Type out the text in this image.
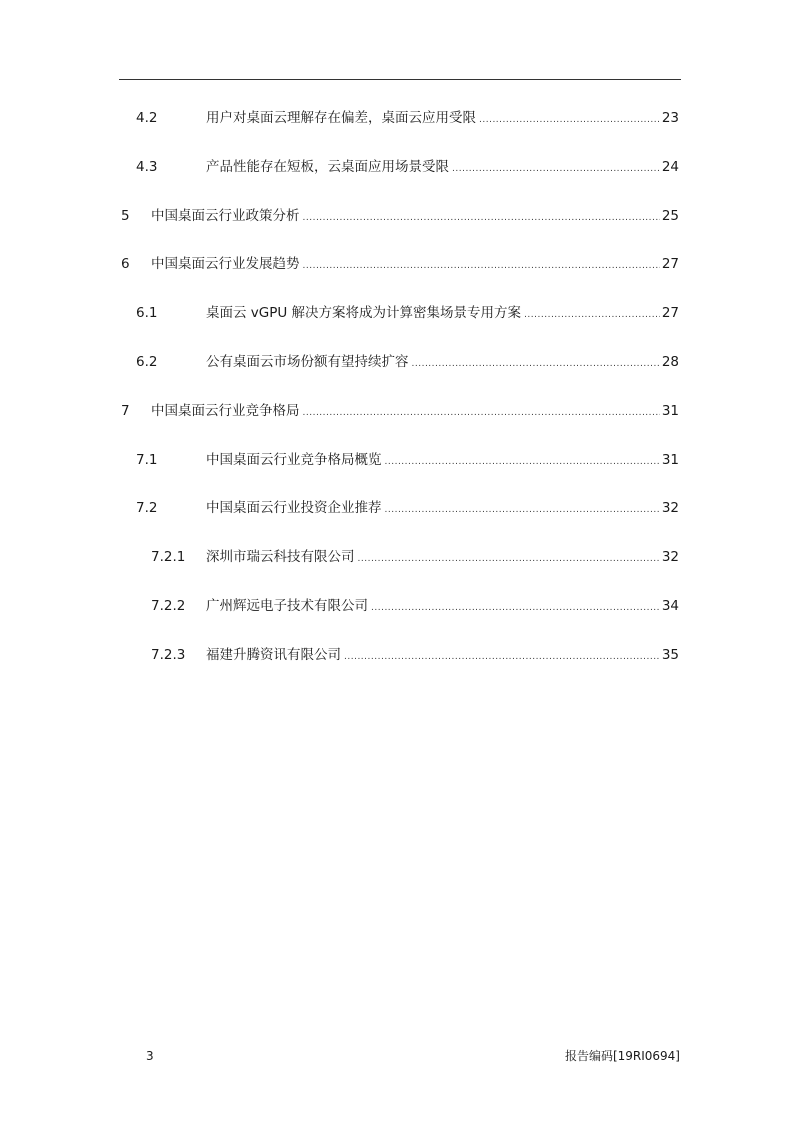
4.2	用户对桌面云理解存在偏差，桌面云应用受限 .....	23
4.3	产品性能存在短板，云桌面应用场景受限 .....	24
5 中国桌面云行业政策分析 .....	25
6 中国桌面云行业发展趋势 .....	27
6.1	桌面云 vGPU 解决方案将成为计算密集场景专用方案 .....	27
6.2	公有桌面云市场份额有望持续扩容 .....	28
7 中国桌面云行业竞争格局 .....	31
7.1	中国桌面云行业竞争格局概览 .....	31
7.2	中国桌面云行业投资企业推荐 .....	32
7.2.1 深圳市瑞云科技有限公司 .....	32
7.2.2 广州辉远电子技术有限公司 .....	34
7.2.3 福建升腾资讯有限公司 .....	35
3	报告编码[19RI0694]
